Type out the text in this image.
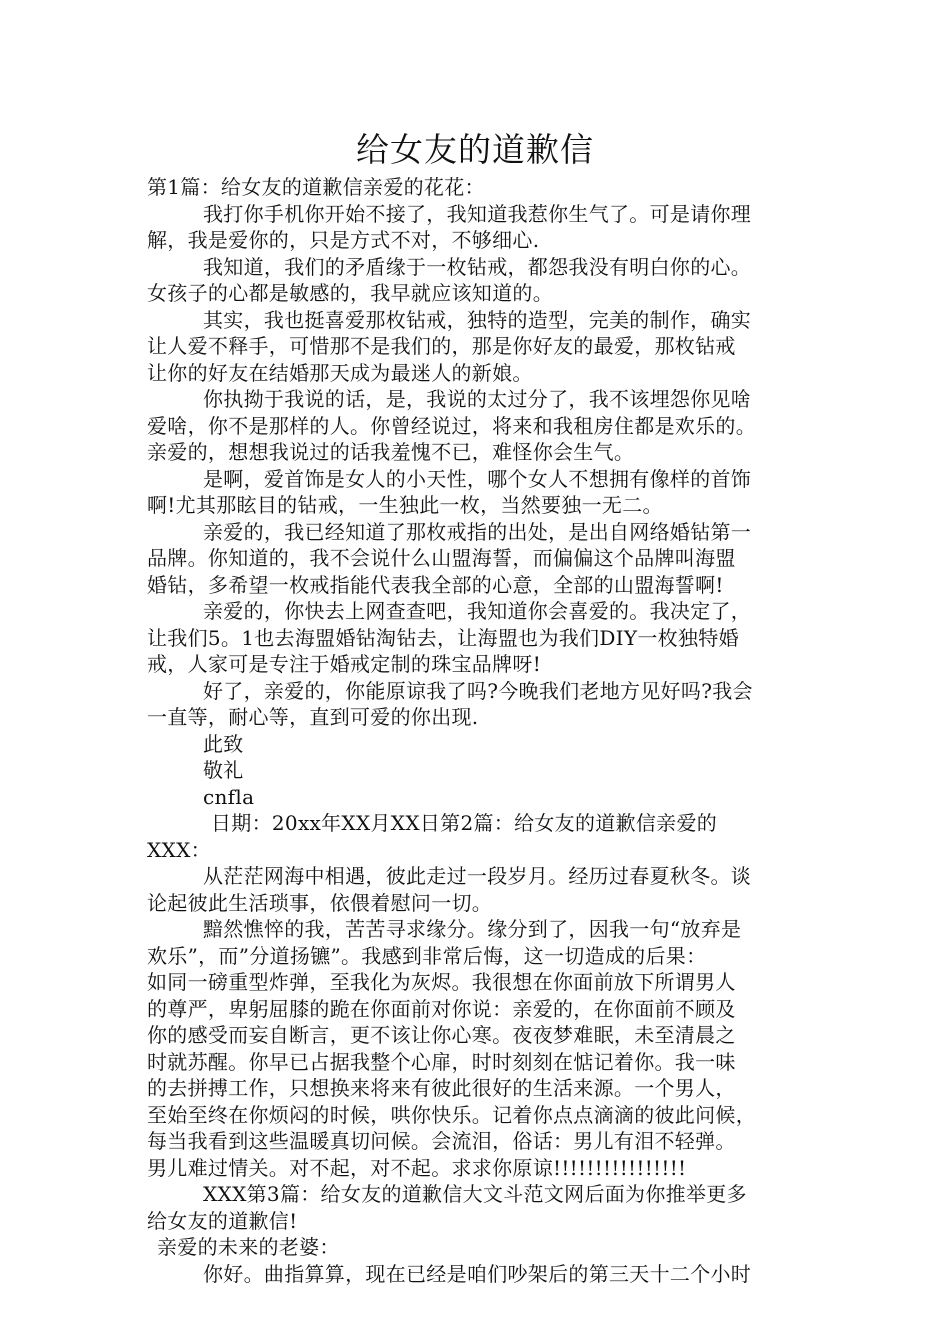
给女友的道歉信
第1篇：给女友的道歉信亲爱的花花：
我打你手机你开始不接了，我知道我惹你生气了。可是请你理
解，我是爱你的，只是方式不对，不够细心.
我知道，我们的矛盾缘于一枚钻戒，都怨我没有明白你的心。
女孩子的心都是敏感的，我早就应该知道的。
其实，我也挺喜爱那枚钻戒，独特的造型，完美的制作，确实
让人爱不释手，可惜那不是我们的，那是你好友的最爱，那枚钻戒
让你的好友在结婚那天成为最迷人的新娘。
你执拗于我说的话，是，我说的太过分了，我不该埋怨你见啥
爱啥，你不是那样的人。你曾经说过，将来和我租房住都是欢乐的。
亲爱的，想想我说过的话我羞愧不已，难怪你会生气。
是啊，爱首饰是女人的小天性，哪个女人不想拥有像样的首饰
啊!尤其那眩目的钻戒，一生独此一枚，当然要独一无二。
亲爱的，我已经知道了那枚戒指的出处，是出自网络婚钻第一
品牌。你知道的，我不会说什么山盟海誓，而偏偏这个品牌叫海盟
婚钻，多希望一枚戒指能代表我全部的心意，全部的山盟海誓啊!
亲爱的，你快去上网查查吧，我知道你会喜爱的。我决定了，
让我们5。1也去海盟婚钻淘钻去，让海盟也为我们DIY一枚独特婚
戒，人家可是专注于婚戒定制的珠宝品牌呀!
好了，亲爱的，你能原谅我了吗?今晚我们老地方见好吗?我会
一直等，耐心等，直到可爱的你出现.
此致
敬礼
cnfla
日期：20xx年XX月XX日第2篇：给女友的道歉信亲爱的
XXX：
从茫茫网海中相遇，彼此走过一段岁月。经历过春夏秋冬。谈
论起彼此生活琐事，依偎着慰问一切。
黯然憔悴的我，苦苦寻求缘分。缘分到了，因我一句“放弃是
欢乐”，而”分道扬镳”。我感到非常后悔，这一切造成的后果：
如同一磅重型炸弹，至我化为灰烬。我很想在你面前放下所谓男人
的尊严，卑躬屈膝的跪在你面前对你说：亲爱的，在你面前不顾及
你的感受而妄自断言，更不该让你心寒。夜夜梦难眠，未至清晨之
时就苏醒。你早已占据我整个心扉，时时刻刻在惦记着你。我一味
的去拼搏工作，只想换来将来有彼此很好的生活来源。一个男人，
至始至终在你烦闷的时候，哄你快乐。记着你点点滴滴的彼此问候，
每当我看到这些温暖真切问候。会流泪，俗话：男儿有泪不轻弹。
男儿难过情关。对不起，对不起。求求你原谅!!!!!!!!!!!!!!!!
XXX第3篇：给女友的道歉信大文斗范文网后面为你推举更多
给女友的道歉信!
亲爱的未来的老婆：
你好。曲指算算，现在已经是咱们吵架后的第三天十二个小时
